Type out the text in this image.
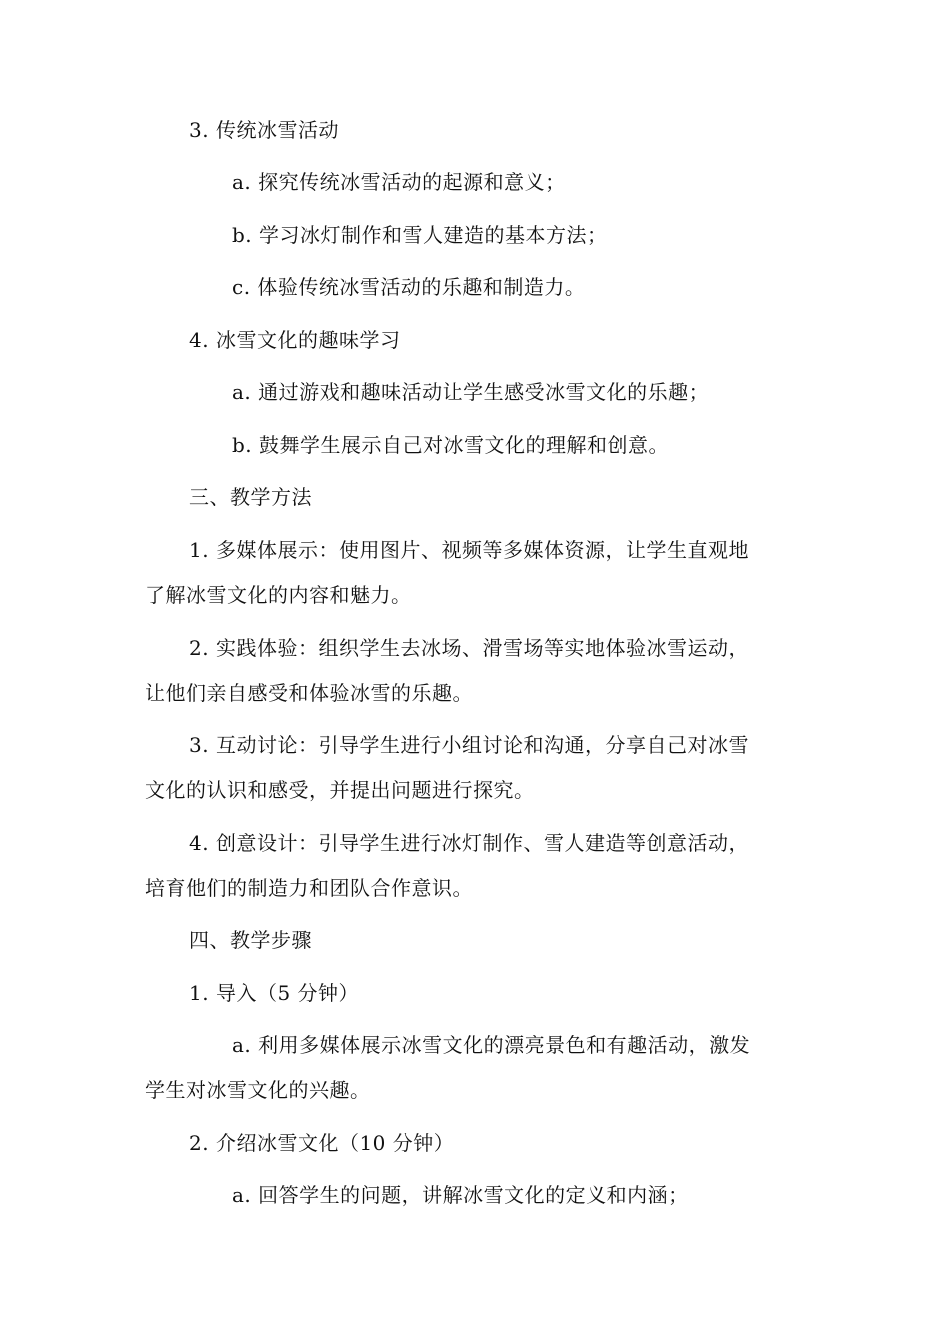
3. 传统冰雪活动
a. 探究传统冰雪活动的起源和意义；
b. 学习冰灯制作和雪人建造的基本方法；
c. 体验传统冰雪活动的乐趣和制造力。
4. 冰雪文化的趣味学习
a. 通过游戏和趣味活动让学生感受冰雪文化的乐趣；
b. 鼓舞学生展示自己对冰雪文化的理解和创意。
三、教学方法
1. 多媒体展示：使用图片、视频等多媒体资源，让学生直观地
了解冰雪文化的内容和魅力。
2. 实践体验：组织学生去冰场、滑雪场等实地体验冰雪运动，
让他们亲自感受和体验冰雪的乐趣。
3. 互动讨论：引导学生进行小组讨论和沟通，分享自己对冰雪
文化的认识和感受，并提出问题进行探究。
4. 创意设计：引导学生进行冰灯制作、雪人建造等创意活动，
培育他们的制造力和团队合作意识。
四、教学步骤
1. 导入（5 分钟）
a. 利用多媒体展示冰雪文化的漂亮景色和有趣活动，激发
学生对冰雪文化的兴趣。
2. 介绍冰雪文化（10 分钟）
a. 回答学生的问题，讲解冰雪文化的定义和内涵；
